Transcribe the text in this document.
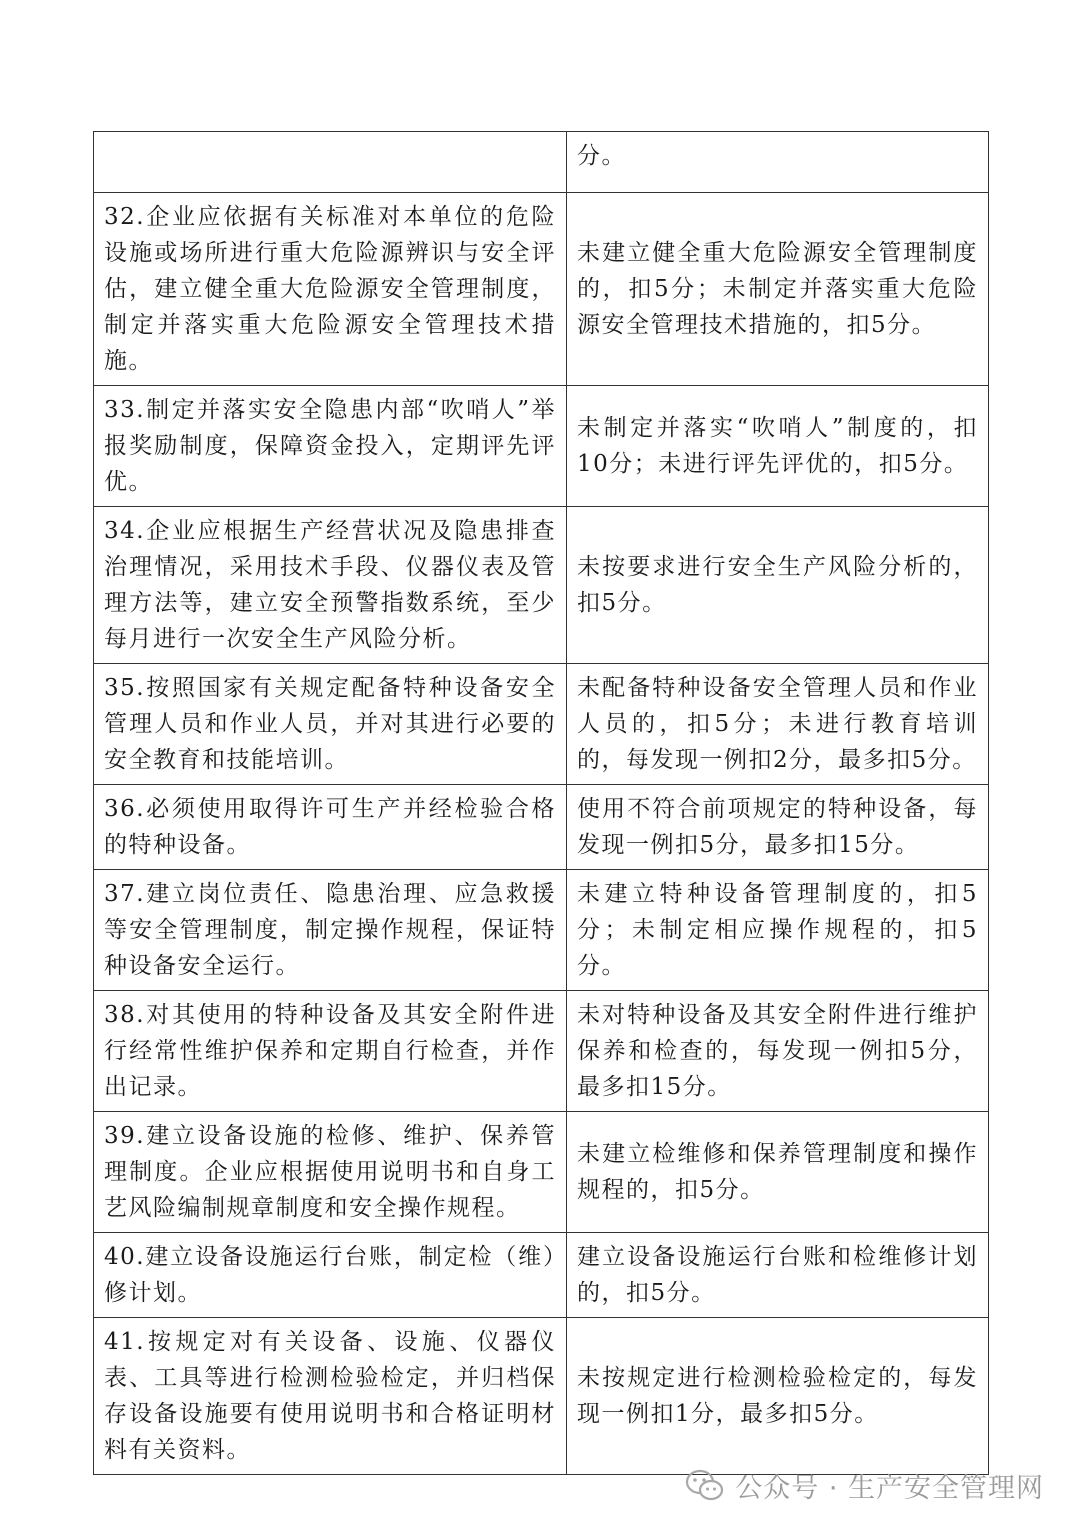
	分。
32.企业应依据有关标准对本单位的危险设施或场所进行重大危险源辨识与安全评估，建立健全重大危险源安全管理制度，制定并落实重大危险源安全管理技术措施。	未建立健全重大危险源安全管理制度的，扣5分；未制定并落实重大危险源安全管理技术措施的，扣5分。
33.制定并落实安全隐患内部“吹哨人”举报奖励制度，保障资金投入，定期评先评优。	未制定并落实“吹哨人”制度的，扣10分；未进行评先评优的，扣5分。
34.企业应根据生产经营状况及隐患排查治理情况，采用技术手段、仪器仪表及管理方法等，建立安全预警指数系统，至少每月进行一次安全生产风险分析。	未按要求进行安全生产风险分析的，扣5分。
35.按照国家有关规定配备特种设备安全管理人员和作业人员，并对其进行必要的安全教育和技能培训。	未配备特种设备安全管理人员和作业人员的，扣5分；未进行教育培训的，每发现一例扣2分，最多扣5分。
36.必须使用取得许可生产并经检验合格的特种设备。	使用不符合前项规定的特种设备，每发现一例扣5分，最多扣15分。
37.建立岗位责任、隐患治理、应急救援等安全管理制度，制定操作规程，保证特种设备安全运行。	未建立特种设备管理制度的，扣5分；未制定相应操作规程的，扣5分。
38.对其使用的特种设备及其安全附件进行经常性维护保养和定期自行检查，并作出记录。	未对特种设备及其安全附件进行维护保养和检查的，每发现一例扣5分，最多扣15分。
39.建立设备设施的检修、维护、保养管理制度。企业应根据使用说明书和自身工艺风险编制规章制度和安全操作规程。	未建立检维修和保养管理制度和操作规程的，扣5分。
40.建立设备设施运行台账，制定检（维）修计划。	建立设备设施运行台账和检维修计划的，扣5分。
41.按规定对有关设备、设施、仪器仪表、工具等进行检测检验检定，并归档保存设备设施要有使用说明书和合格证明材料有关资料。	未按规定进行检测检验检定的，每发现一例扣1分，最多扣5分。
公众号 · 生产安全管理网
